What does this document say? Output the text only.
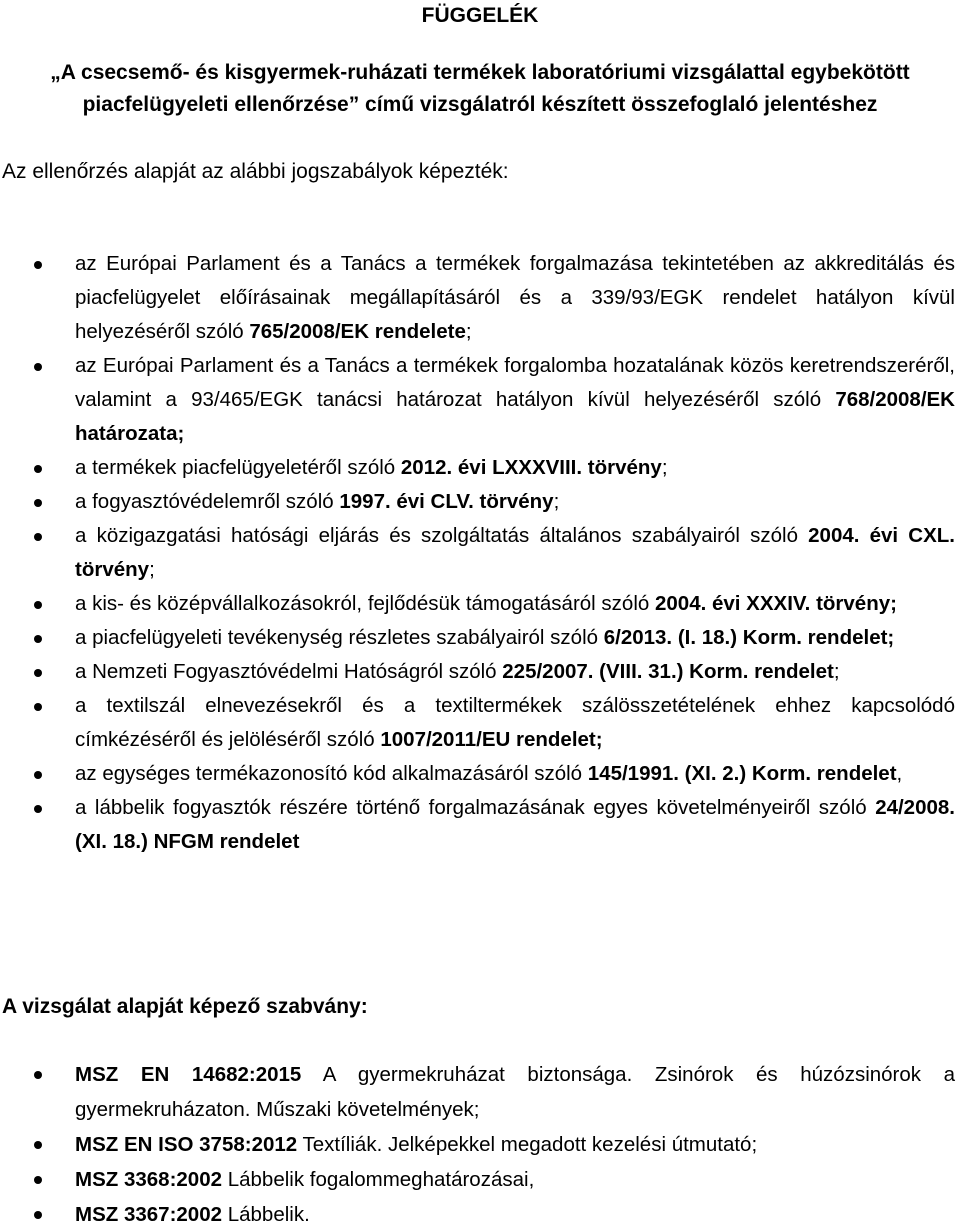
FÜGGELÉK
„A csecsemő- és kisgyermek-ruházati termékek laboratóriumi vizsgálattal egybekötött piacfelügyeleti ellenőrzése” című vizsgálatról készített összefoglaló jelentéshez
Az ellenőrzés alapját az alábbi jogszabályok képezték:
az Európai Parlament és a Tanács a termékek forgalmazása tekintetében az akkreditálás és piacfelügyelet előírásainak megállapításáról és a 339/93/EGK rendelet hatályon kívül helyezéséről szóló 765/2008/EK rendelete;
az Európai Parlament és a Tanács a termékek forgalomba hozatalának közös keretrendszeréről, valamint a 93/465/EGK tanácsi határozat hatályon kívül helyezéséről szóló 768/2008/EK határozata;
a termékek piacfelügyeletéről szóló 2012. évi LXXXVIII. törvény;
a fogyasztóvédelemről szóló 1997. évi CLV. törvény;
a közigazgatási hatósági eljárás és szolgáltatás általános szabályairól szóló 2004. évi CXL. törvény;
a kis- és középvállalkozásokról, fejlődésük támogatásáról szóló 2004. évi XXXIV. törvény;
a piacfelügyeleti tevékenység részletes szabályairól szóló 6/2013. (I. 18.) Korm. rendelet;
a Nemzeti Fogyasztóvédelmi Hatóságról szóló 225/2007. (VIII. 31.) Korm. rendelet;
a textilszál elnevezésekről és a textiltermékek szálösszetételének ehhez kapcsolódó címkézéséről és jelöléséről szóló 1007/2011/EU rendelet;
az egységes termékazonosító kód alkalmazásáról szóló 145/1991. (XI. 2.) Korm. rendelet,
a lábbelik fogyasztók részére történő forgalmazásának egyes követelményeiről szóló 24/2008. (XI. 18.) NFGM rendelet
A vizsgálat alapját képező szabvány:
MSZ EN 14682:2015 A gyermekruházat biztonsága. Zsinórok és húzózsinórok a gyermekruházaton. Műszaki követelmények;
MSZ EN ISO 3758:2012 Textíliák. Jelképekkel megadott kezelési útmutató;
MSZ 3368:2002 Lábbelik fogalommeghatározásai,
MSZ 3367:2002 Lábbelik.
